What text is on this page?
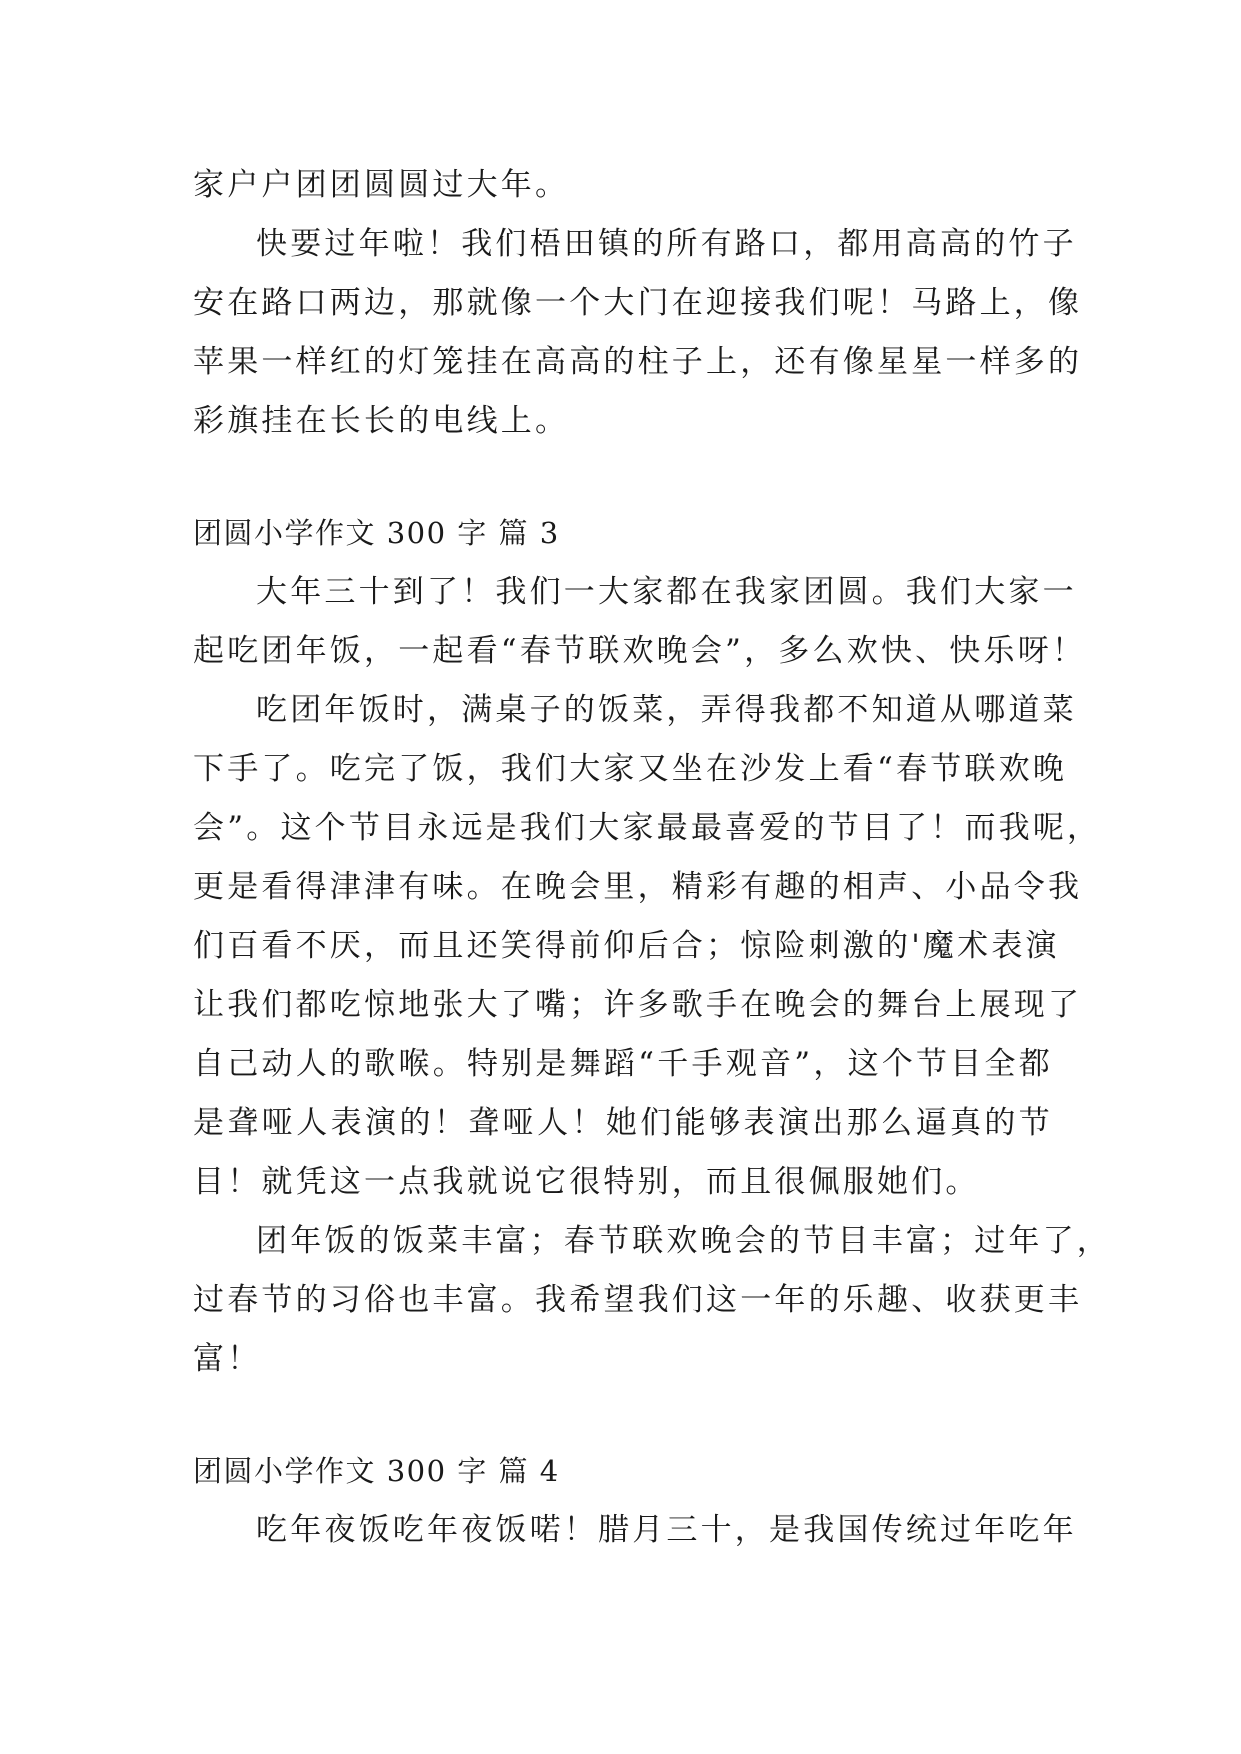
家户户团团圆圆过大年。
快要过年啦！我们梧田镇的所有路口，都用高高的竹子
安在路口两边，那就像一个大门在迎接我们呢！马路上，像
苹果一样红的灯笼挂在高高的柱子上，还有像星星一样多的
彩旗挂在长长的电线上。
团圆小学作文 300 字 篇 3
大年三十到了！我们一大家都在我家团圆。我们大家一
起吃团年饭，一起看“春节联欢晚会”，多么欢快、快乐呀！
吃团年饭时，满桌子的饭菜，弄得我都不知道从哪道菜
下手了。吃完了饭，我们大家又坐在沙发上看“春节联欢晚
会”。这个节目永远是我们大家最最喜爱的节目了！而我呢，
更是看得津津有味。在晚会里，精彩有趣的相声、小品令我
们百看不厌，而且还笑得前仰后合；惊险刺激的'魔术表演
让我们都吃惊地张大了嘴；许多歌手在晚会的舞台上展现了
自己动人的歌喉。特别是舞蹈“千手观音”，这个节目全都
是聋哑人表演的！聋哑人！她们能够表演出那么逼真的节
目！就凭这一点我就说它很特别，而且很佩服她们。
团年饭的饭菜丰富；春节联欢晚会的节目丰富；过年了，
过春节的习俗也丰富。我希望我们这一年的乐趣、收获更丰
富！
团圆小学作文 300 字 篇 4
吃年夜饭吃年夜饭喏！腊月三十，是我国传统过年吃年
